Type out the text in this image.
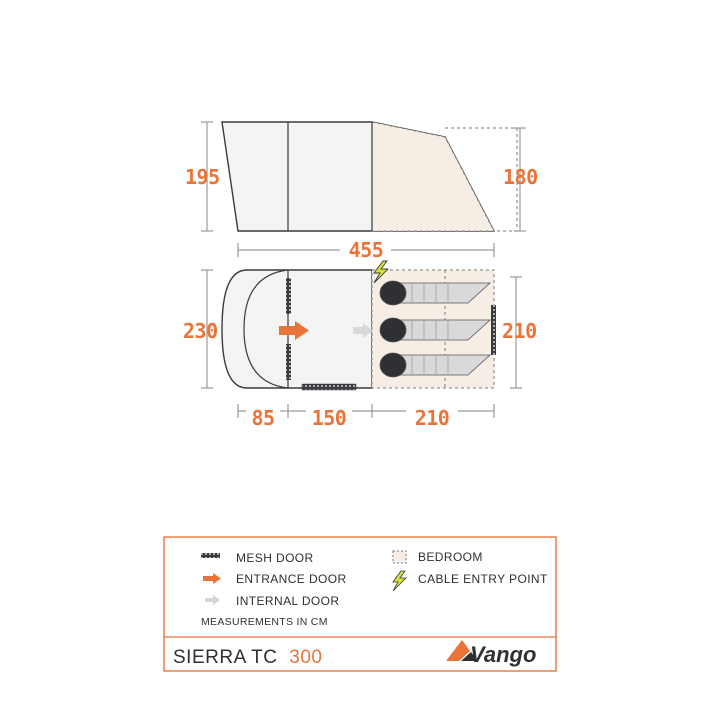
195	180
455
230	210
85 150	210
MESH DOOR
ENTRANCE DOOR
INTERNAL DOOR
MEASUREMENTS IN CM
BEDROOM
CABLE ENTRY POINT
SIERRA TC 300	Vango
